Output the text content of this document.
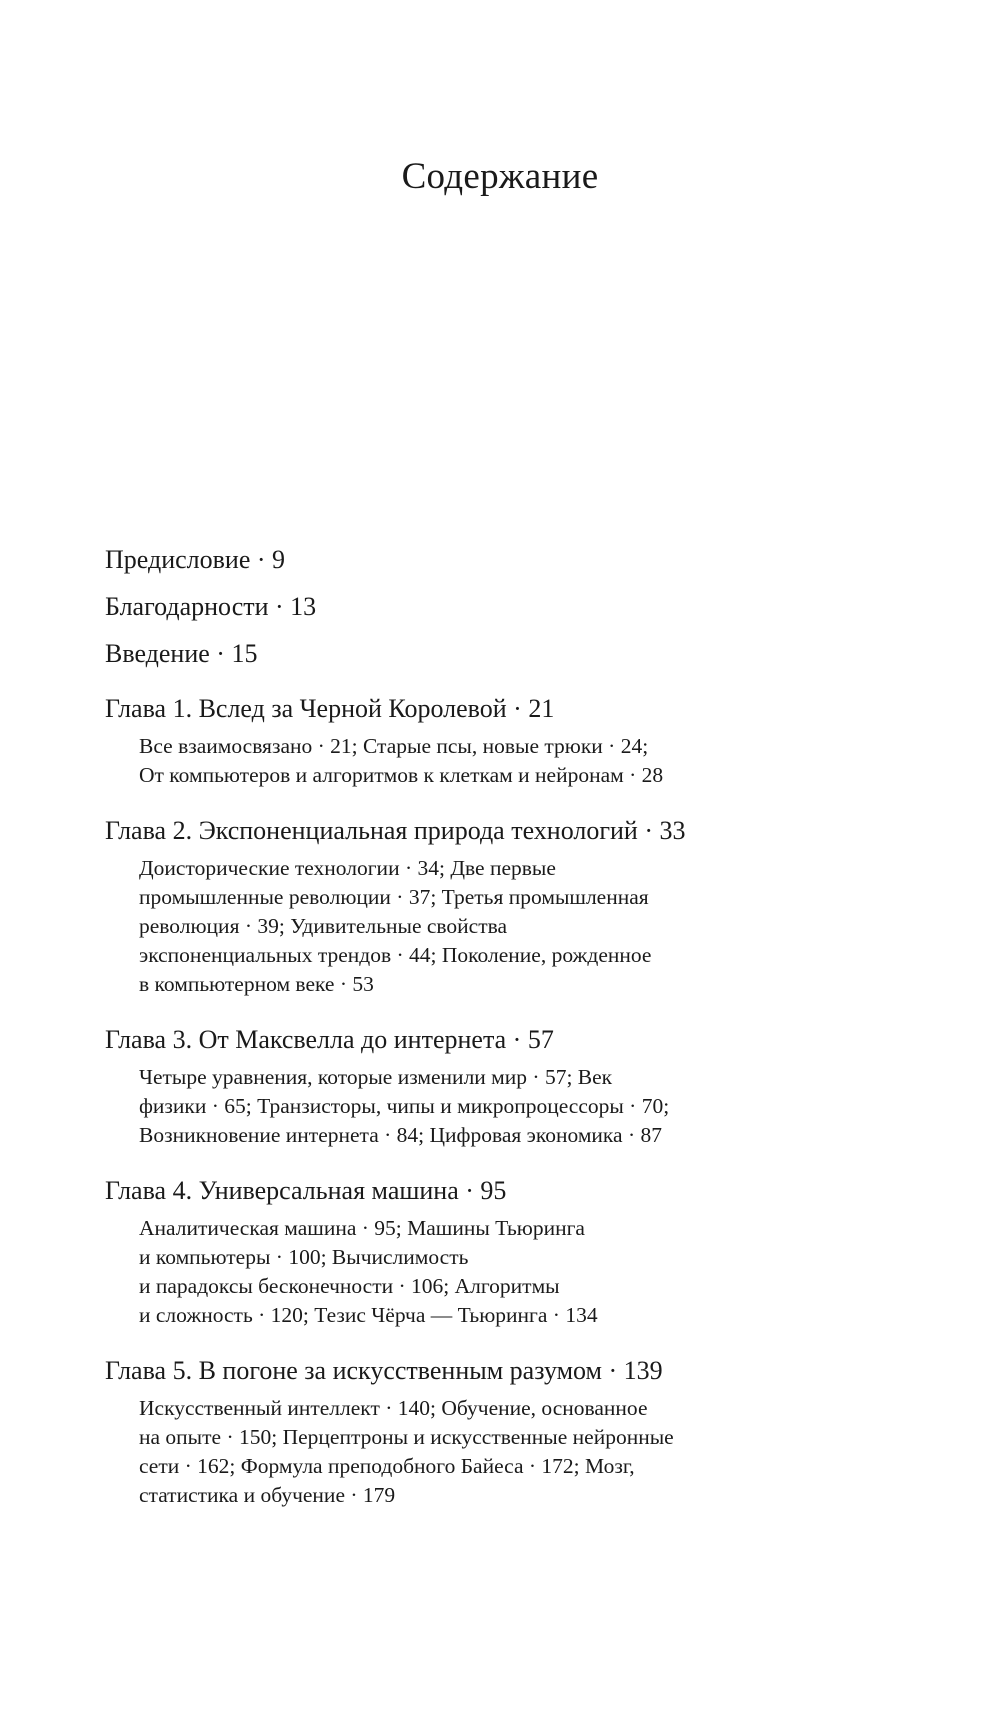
Содержание
Предисловие · 9
Благодарности · 13
Введение · 15
Глава 1. Вслед за Черной Королевой · 21
Все взаимосвязано · 21; Старые псы, новые трюки · 24;
От компьютеров и алгоритмов к клеткам и нейронам · 28
Глава 2. Экспоненциальная природа технологий · 33
Доисторические технологии · 34; Две первые
промышленные революции · 37; Третья промышленная
революция · 39; Удивительные свойства
экспоненциальных трендов · 44; Поколение, рожденное
в компьютерном веке · 53
Глава 3. От Максвелла до интернета · 57
Четыре уравнения, которые изменили мир · 57; Век
физики · 65; Транзисторы, чипы и микропроцессоры · 70;
Возникновение интернета · 84; Цифровая экономика · 87
Глава 4. Универсальная машина · 95
Аналитическая машина · 95; Машины Тьюринга
и компьютеры · 100; Вычислимость
и парадоксы бесконечности · 106; Алгоритмы
и сложность · 120; Тезис Чёрча — Тьюринга · 134
Глава 5. В погоне за искусственным разумом · 139
Искусственный интеллект · 140; Обучение, основанное
на опыте · 150; Перцептроны и искусственные нейронные
сети · 162; Формула преподобного Байеса · 172; Мозг,
статистика и обучение · 179
